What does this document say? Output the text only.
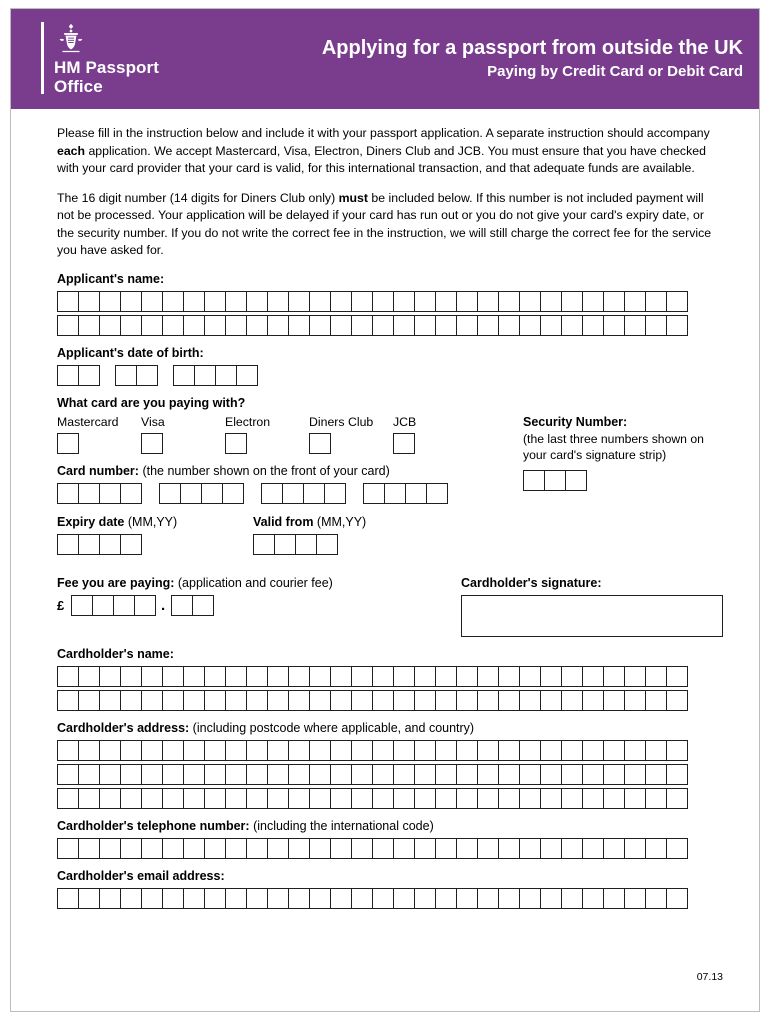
HM Passport
Office
Applying for a passport from outside the UK
Paying by Credit Card or Debit Card

Please fill in the instruction below and include it with your passport application. A separate instruction should accompany each application. We accept Mastercard, Visa, Electron, Diners Club and JCB. You must ensure that you have checked with your card provider that your card is valid, for this international transaction, and that adequate funds are available.

The 16 digit number (14 digits for Diners Club only) must be included below. If this number is not included payment will not be processed. Your application will be delayed if your card has run out or you do not give your card's expiry date, or the security number. If you do not write the correct fee in the instruction, we will still charge the correct fee for the service you have asked for.

Applicant's name:
Applicant's date of birth:
What card are you paying with?
Mastercard	Visa	Electron	Diners Club	JCB
Card number: (the number shown on the front of your card)
Expiry date (MM,YY)	Valid from (MM,YY)
Security Number:
(the last three numbers shown on your card's signature strip)
Fee you are paying: (application and courier fee)
£	.
Cardholder's signature:
Cardholder's name:
Cardholder's address: (including postcode where applicable, and country)
Cardholder's telephone number: (including the international code)
Cardholder's email address:
07.13
